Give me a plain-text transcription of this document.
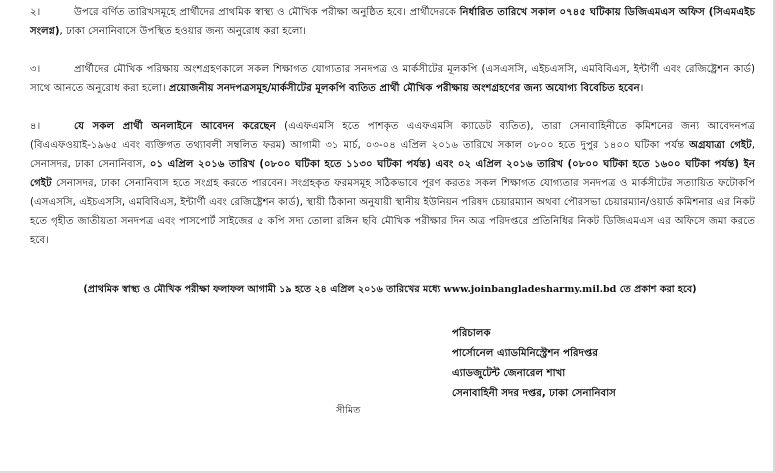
২।	উপরে বর্ণিত তারিখসমূহে প্রার্থীদের প্রাথমিক স্বাস্থ্য ও মৌখিক পরীক্ষা অনুষ্ঠিত হবে। প্রার্থীদেরকে নির্ধারিত তারিখে সকাল ০৭৪৫ ঘটিকায় ডিজিএমএস অফিস (সিএমএইচ সংলগ্ন), ঢাকা সেনানিবাসে উপস্থিত হওয়ার জন্য অনুরোধ করা হলো।
৩।	প্রার্থীদের মৌখিক পরিক্ষায় অংশগ্রহণকালে সকল শিক্ষাগত যোগ্যতার সনদপত্র ও মার্কসীটের মূলকপি (এসএসসি, এইচএসসি, এমবিবিএস, ইন্টার্ণী এবং রেজিষ্ট্রেশন কার্ড) সাথে আনতে অনুরোধ করা হলো। প্রয়োজনীয় সনদপত্রসমূহ/মার্কসীটের মূলকপি ব্যতিত প্রার্থী মৌখিক পরীক্ষায় অংশগ্রহণের জন্য অযোগ্য বিবেচিত হবেন।
৪।	যে সকল প্রার্থী অনলাইনে আবেদন করেছেন (এএফএমসি হতে পাশকৃত এএফএমসি ক্যাডেট ব্যতিত), তারা সেনাবাহিনীতে কমিশনের জন্য আবেদনপত্র (বিএএফওয়াই-১৯৬৫ এবং ব্যক্তিগত তথ্যাবলী সম্বলিত ফরম) আগামী ৩১ মার্চ, ০৩-০৪ এপ্রিল ২০১৬ তারিখে সকাল ০৮০০ হতে দুপুর ১৪০০ ঘটিকা পর্যন্ত অগ্রযাত্রা গেইট, সেনাসদর, ঢাকা সেনানিবাস, ০১ এপ্রিল ২০১৬ তারিখ (০৮০০ ঘটিকা হতে ১১৩০ ঘটিকা পর্যন্ত) এবং ০২ এপ্রিল ২০১৬ তারিখ (০৮০০ ঘটিকা হতে ১৬০০ ঘটিকা পর্যন্ত) ইন গেইট সেনাসদর, ঢাকা সেনানিবাস হতে সংগ্রহ করতে পারবেন। সংগ্রহকৃত ফরমসমূহ সঠিকভাবে পূরণ করতঃ সকল শিক্ষাগত যোগ্যতার সনদপত্র ও মার্কসীটের সত্যায়িত ফটোকপি (এসএসসি, এইচএসসি, এমবিবিএস, ইন্টার্ণী এবং রেজিষ্ট্রেশন কার্ড), স্থায়ী ঠিকানা অনুযায়ী স্থানীয় ইউনিয়ন পরিষদ চেয়ারম্যান অথবা পৌরসভা চেয়ারম্যান/ওয়ার্ড কমিশনার এর নিকট হতে গৃহীত জাতীয়তা সনদপত্র এবং পাসপোর্ট সাইজের ৫ কপি সদ্য তোলা রঙ্গিন ছবি মৌখিক পরীক্ষার দিন অত্র পরিদপ্তরে প্রতিনিধির নিকট ডিজিএমএস এর অফিসে জমা করতে হবে।
(প্রাথমিক স্বাস্থ্য ও মৌখিক পরীক্ষা ফলাফল আগামী ১৯ হতে ২৪ এপ্রিল ২০১৬ তারিখের মধ্যে www.joinbangladesharmy.mil.bd তে প্রকাশ করা হবে)
পরিচালক
পার্সোনেল এ্যাডমিনিস্ট্রেশন পরিদপ্তর
এ্যাডজুটেন্ট জেনারেল শাখা
সেনাবাহিনী সদর দপ্তর, ঢাকা সেনানিবাস
সীমিত
